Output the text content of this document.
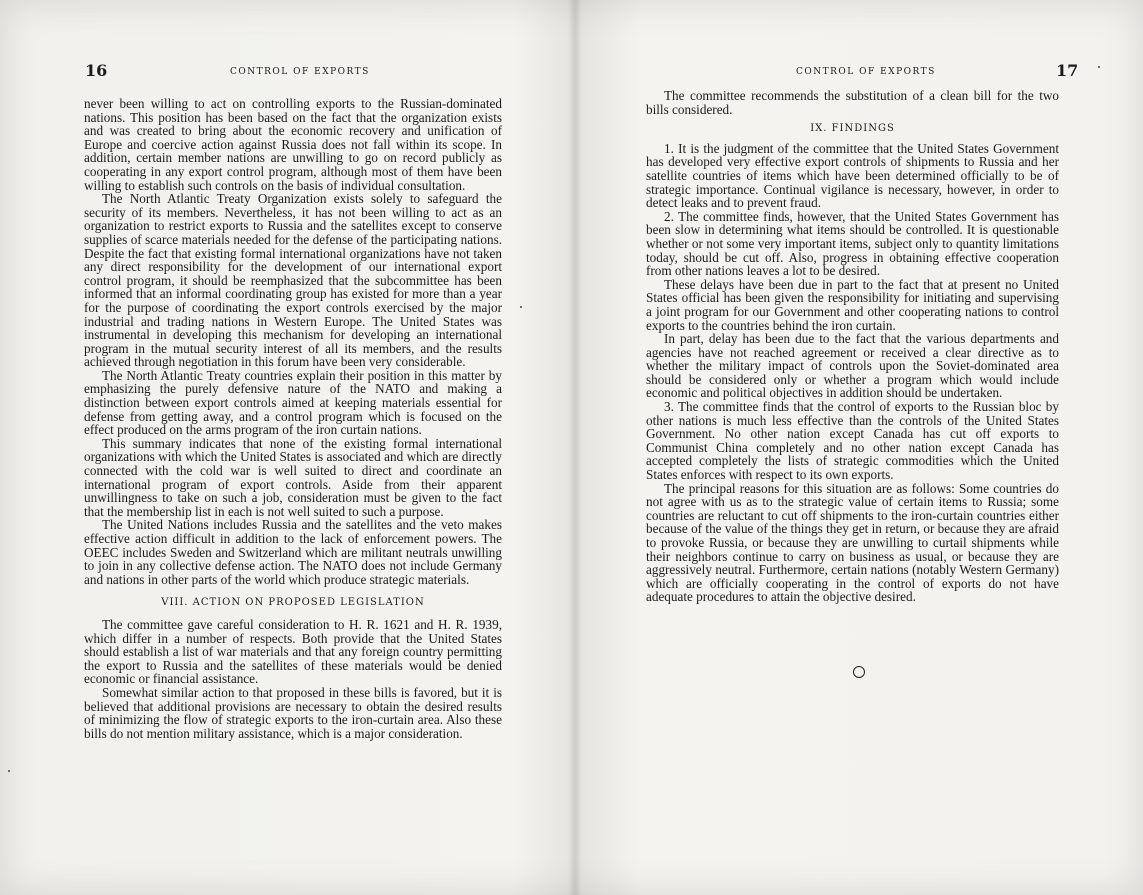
16	CONTROL OF EXPORTS

never been willing to act on controlling exports to the Russian-dominated nations. This position has been based on the fact that the organization exists and was created to bring about the economic recovery and unification of Europe and coercive action against Russia does not fall within its scope. In addition, certain member nations are unwilling to go on record publicly as cooperating in any export control program, although most of them have been willing to establish such controls on the basis of individual consultation.

The North Atlantic Treaty Organization exists solely to safeguard the security of its members. Nevertheless, it has not been willing to act as an organization to restrict exports to Russia and the satellites except to conserve supplies of scarce materials needed for the defense of the participating nations. Despite the fact that existing formal international organizations have not taken any direct responsibility for the development of our international export control program, it should be reemphasized that the subcommittee has been informed that an informal coordinating group has existed for more than a year for the purpose of coordinating the export controls exercised by the major industrial and trading nations in Western Europe. The United States was instrumental in developing this mechanism for developing an international program in the mutual security interest of all its members, and the results achieved through negotiation in this forum have been very considerable.

The North Atlantic Treaty countries explain their position in this matter by emphasizing the purely defensive nature of the NATO and making a distinction between export controls aimed at keeping materials essential for defense from getting away, and a control program which is focused on the effect produced on the arms program of the iron curtain nations.

This summary indicates that none of the existing formal international organizations with which the United States is associated and which are directly connected with the cold war is well suited to direct and coordinate an international program of export controls. Aside from their apparent unwillingness to take on such a job, consideration must be given to the fact that the membership list in each is not well suited to such a purpose.

The United Nations includes Russia and the satellites and the veto makes effective action difficult in addition to the lack of enforcement powers. The OEEC includes Sweden and Switzerland which are militant neutrals unwilling to join in any collective defense action. The NATO does not include Germany and nations in other parts of the world which produce strategic materials.

VIII. ACTION ON PROPOSED LEGISLATION

The committee gave careful consideration to H. R. 1621 and H. R. 1939, which differ in a number of respects. Both provide that the United States should establish a list of war materials and that any foreign country permitting the export to Russia and the satellites of these materials would be denied economic or financial assistance.

Somewhat similar action to that proposed in these bills is favored, but it is believed that additional provisions are necessary to obtain the desired results of minimizing the flow of strategic exports to the iron-curtain area. Also these bills do not mention military assistance, which is a major consideration.

CONTROL OF EXPORTS	17

The committee recommends the substitution of a clean bill for the two bills considered.

IX. FINDINGS

1. It is the judgment of the committee that the United States Government has developed very effective export controls of shipments to Russia and her satellite countries of items which have been determined officially to be of strategic importance. Continual vigilance is necessary, however, in order to detect leaks and to prevent fraud.

2. The committee finds, however, that the United States Government has been slow in determining what items should be controlled. It is questionable whether or not some very important items, subject only to quantity limitations today, should be cut off. Also, progress in obtaining effective cooperation from other nations leaves a lot to be desired.

These delays have been due in part to the fact that at present no United States official has been given the responsibility for initiating and supervising a joint program for our Government and other cooperating nations to control exports to the countries behind the iron curtain.

In part, delay has been due to the fact that the various departments and agencies have not reached agreement or received a clear directive as to whether the military impact of controls upon the Soviet-dominated area should be considered only or whether a program which would include economic and political objectives in addition should be undertaken.

3. The committee finds that the control of exports to the Russian bloc by other nations is much less effective than the controls of the United States Government. No other nation except Canada has cut off exports to Communist China completely and no other nation except Canada has accepted completely the lists of strategic commodities which the United States enforces with respect to its own exports.

The principal reasons for this situation are as follows: Some countries do not agree with us as to the strategic value of certain items to Russia; some countries are reluctant to cut off shipments to the iron-curtain countries either because of the value of the things they get in return, or because they are afraid to provoke Russia, or because they are unwilling to curtail shipments while their neighbors continue to carry on business as usual, or because they are aggressively neutral. Furthermore, certain nations (notably Western Germany) which are officially cooperating in the control of exports do not have adequate procedures to attain the objective desired.
